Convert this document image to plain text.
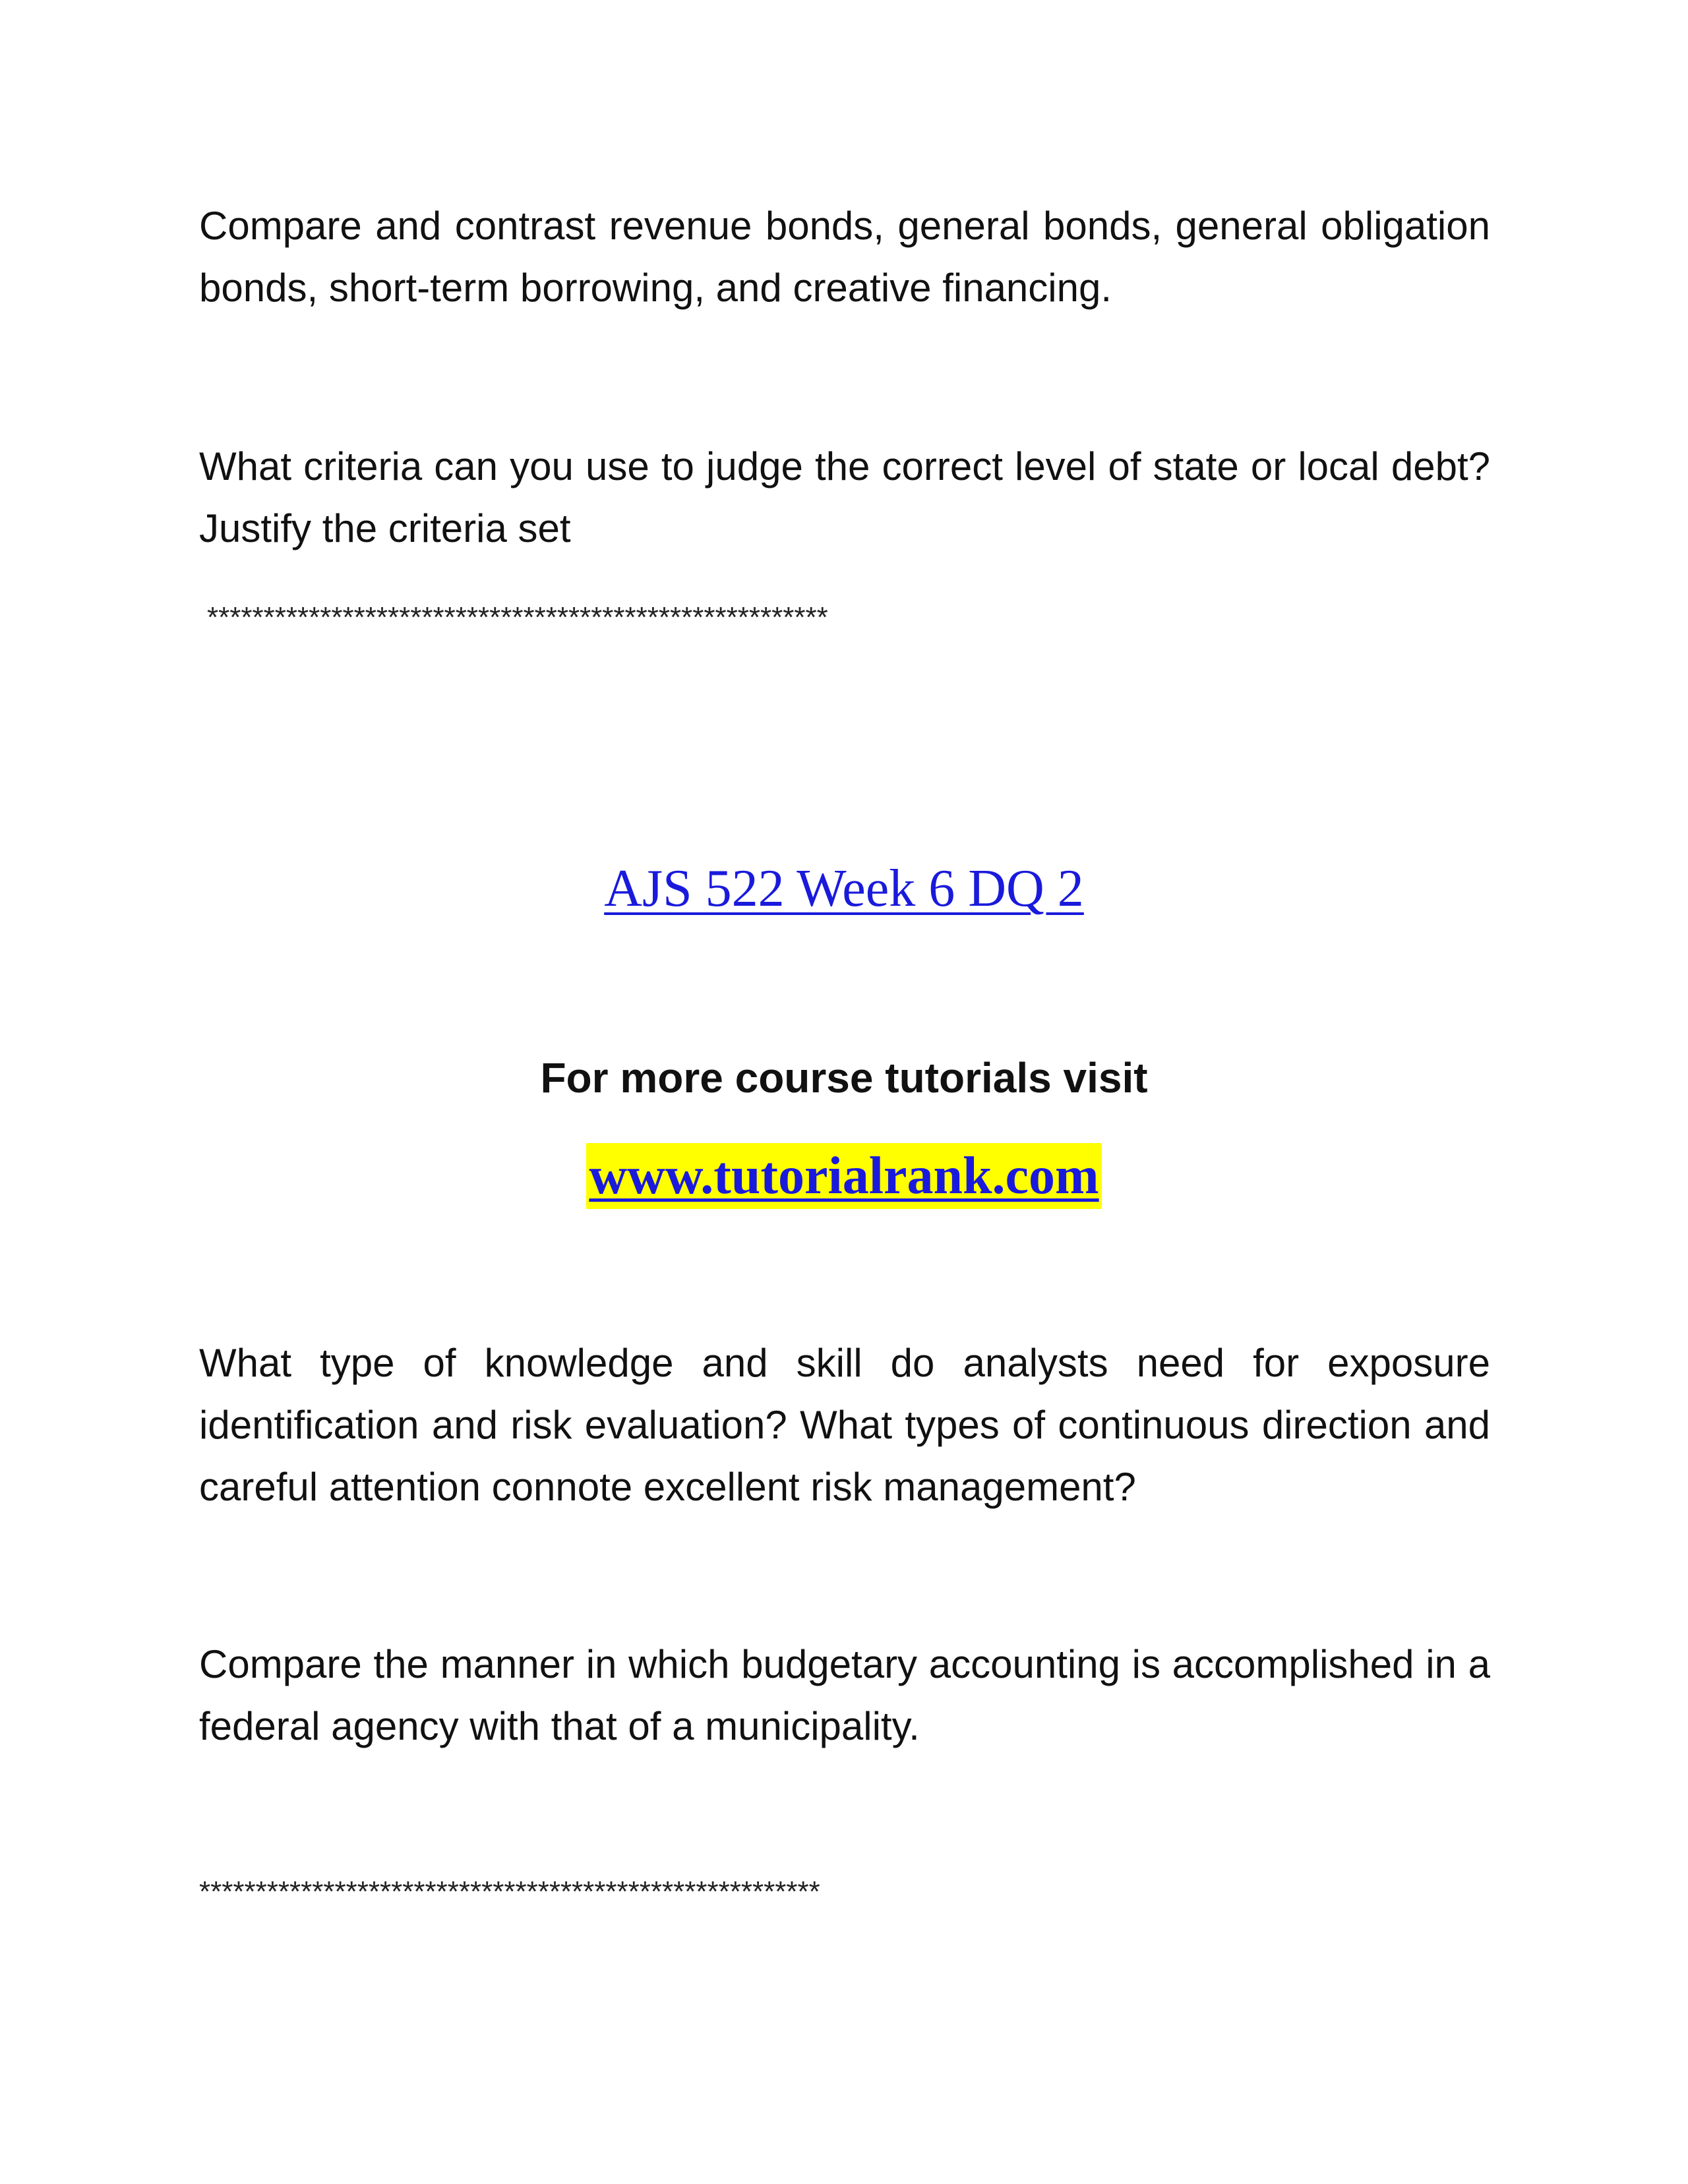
Compare and contrast revenue bonds, general bonds, general obligation bonds, short-term borrowing, and creative financing.

What criteria can you use to judge the correct level of state or local debt? Justify the criteria set

*******************************************************

AJS 522 Week 6 DQ 2

For more course tutorials visit

www.tutorialrank.com

What type of knowledge and skill do analysts need for exposure identification and risk evaluation? What types of continuous direction and careful attention connote excellent risk management?

Compare the manner in which budgetary accounting is accomplished in a federal agency with that of a municipality.

*******************************************************
